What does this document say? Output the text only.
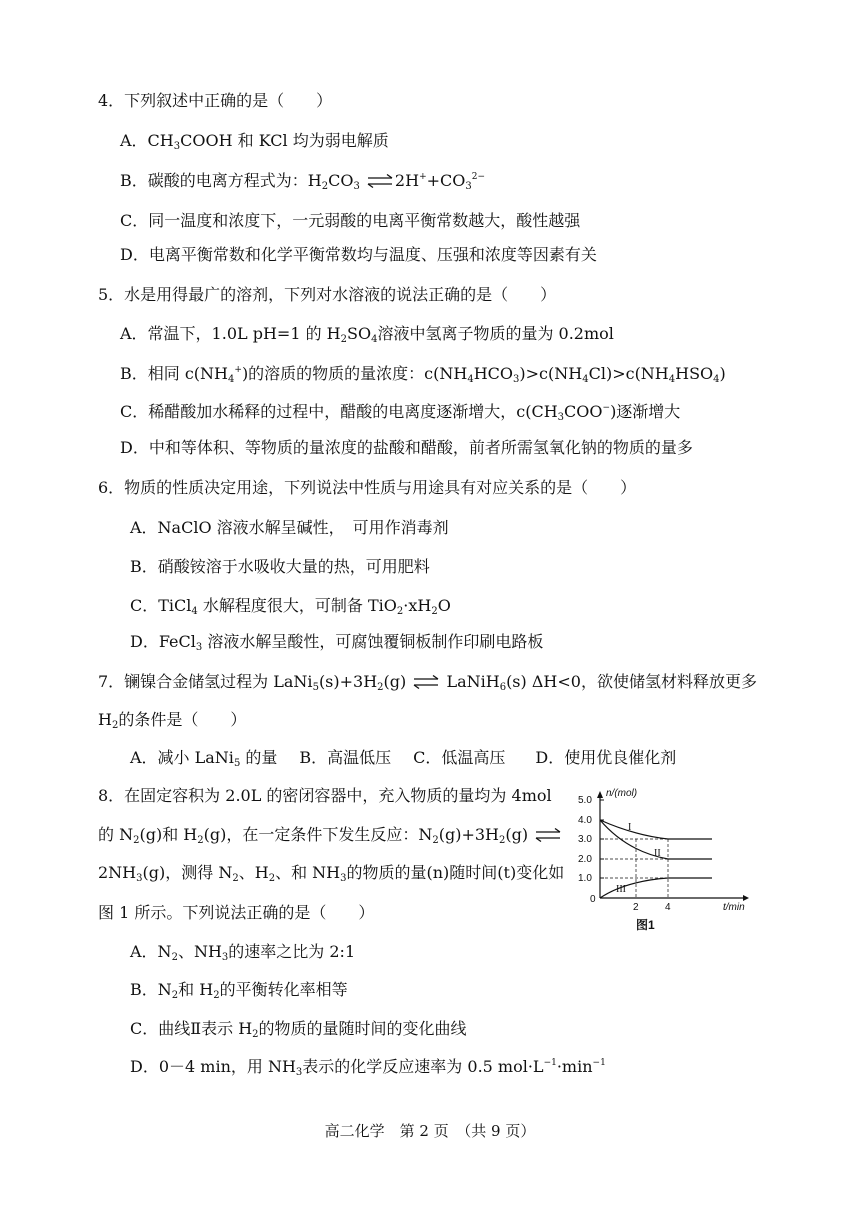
4．下列叙述中正确的是（　　）
A．$CH_3COOH$ 和 KCl 均为弱电解质
B．碳酸的电离方程式为：$H_2CO_3$ ⇌ $2H^++CO_3^{2-}$
C．同一温度和浓度下，一元弱酸的电离平衡常数越大，酸性越强
D．电离平衡常数和化学平衡常数均与温度、压强和浓度等因素有关
5．水是用得最广的溶剂，下列对水溶液的说法正确的是（　　）
A．常温下，1.0L pH=1 的 $H_2SO_4$溶液中氢离子物质的量为 0.2mol
B．相同 $c(NH_4^+)$的溶质的物质的量浓度：$c(NH_4HCO_3)>c(NH_4Cl)>c(NH_4HSO_4)$
C．稀醋酸加水稀释的过程中，醋酸的电离度逐渐增大，$c(CH_3COO^-)$逐渐增大
D．中和等体积、等物质的量浓度的盐酸和醋酸，前者所需氢氧化钠的物质的量多
6．物质的性质决定用途，下列说法中性质与用途具有对应关系的是（　　）
A．NaClO 溶液水解呈碱性，　可用作消毒剂
B．硝酸铵溶于水吸收大量的热，可用肥料
C．TiCl$_4$ 水解程度很大，可制备 $TiO_2\cdot xH_2O$
D．FeCl$_3$ 溶液水解呈酸性，可腐蚀覆铜板制作印刷电路板
7．镧镍合金储氢过程为 $LaNi_5(s)+3H_2(g)$ ⇌ LaNiH$_6$(s) ΔH<0，欲使储氢材料释放更多
$H_2$的条件是（　　）
A．减小 LaNi$_5$ 的量 B．高温低压 C．低温高压 D．使用优良催化剂
8．在固定容积为 2.0L 的密闭容器中，充入物质的量均为 4mol
的 $N_2(g)$和 $H_2(g)$，在一定条件下发生反应：$N_2(g)+3H_2(g)$ ⇌
$2NH_3(g)$，测得 $N_2$、$H_2$、和 $NH_3$的物质的量(n)随时间(t)变化如
图 1 所示。下列说法正确的是（　　）
A．$N_2$、$NH_3$的速率之比为 2:1
B．$N_2$和 $H_2$的平衡转化率相等
C．曲线Ⅱ表示 $H_2$的物质的量随时间的变化曲线
D．0－4 min，用 $NH_3$表示的化学反应速率为 0.5 $mol\cdot L^{-1}\cdot\min^{-1}$
5.0
4.0
3.0
2.0
1.0
0
2	4
n/(mol)
t/min
I
II
III
图1
高二化学　第 2 页　（共 9 页）
